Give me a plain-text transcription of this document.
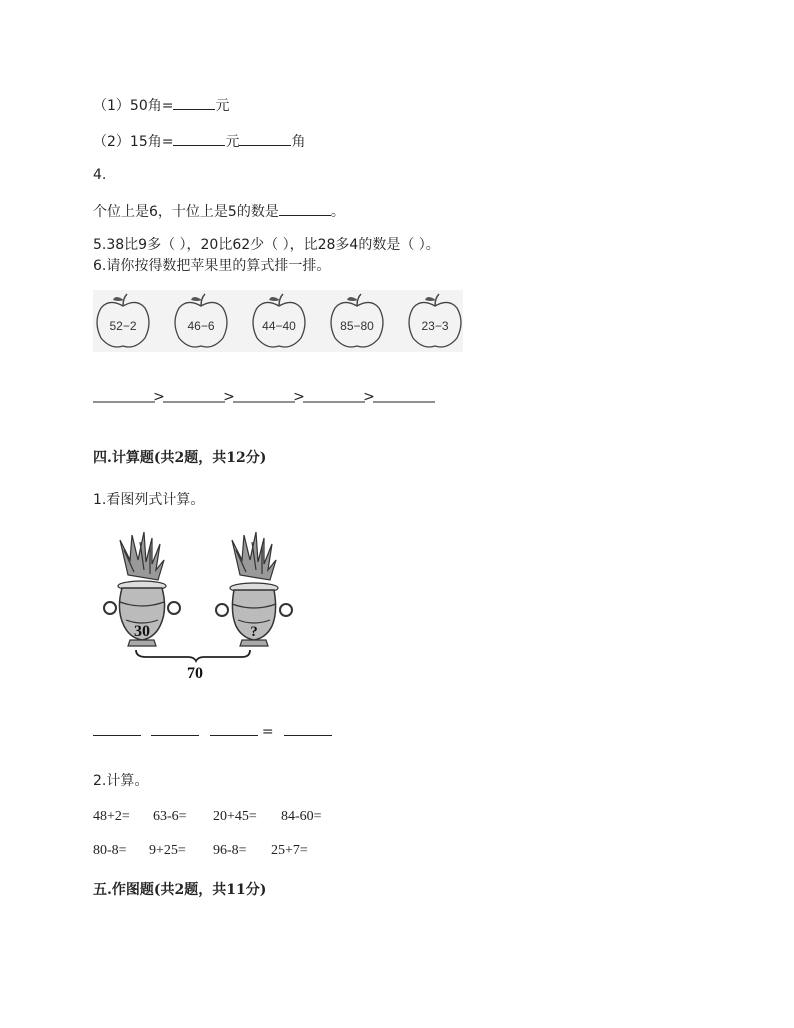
（1）50角=	元
（2）15角=	元	角
4.
个位上是6，十位上是5的数是	。
5.38比9多（ ），20比62少（ ），比28多4的数是（ ）。
6.请你按得数把苹果里的算式排一排。
52−2	46−6	44−40	85−80	23−3
>	>	>	>
四.计算题(共2题，共12分)
1.看图列式计算。
30	?
70
=
2.计算。
48+2= 63-6= 20+45= 84-60=
80-8= 9+25= 96-8= 25+7=
五.作图题(共2题，共11分)
